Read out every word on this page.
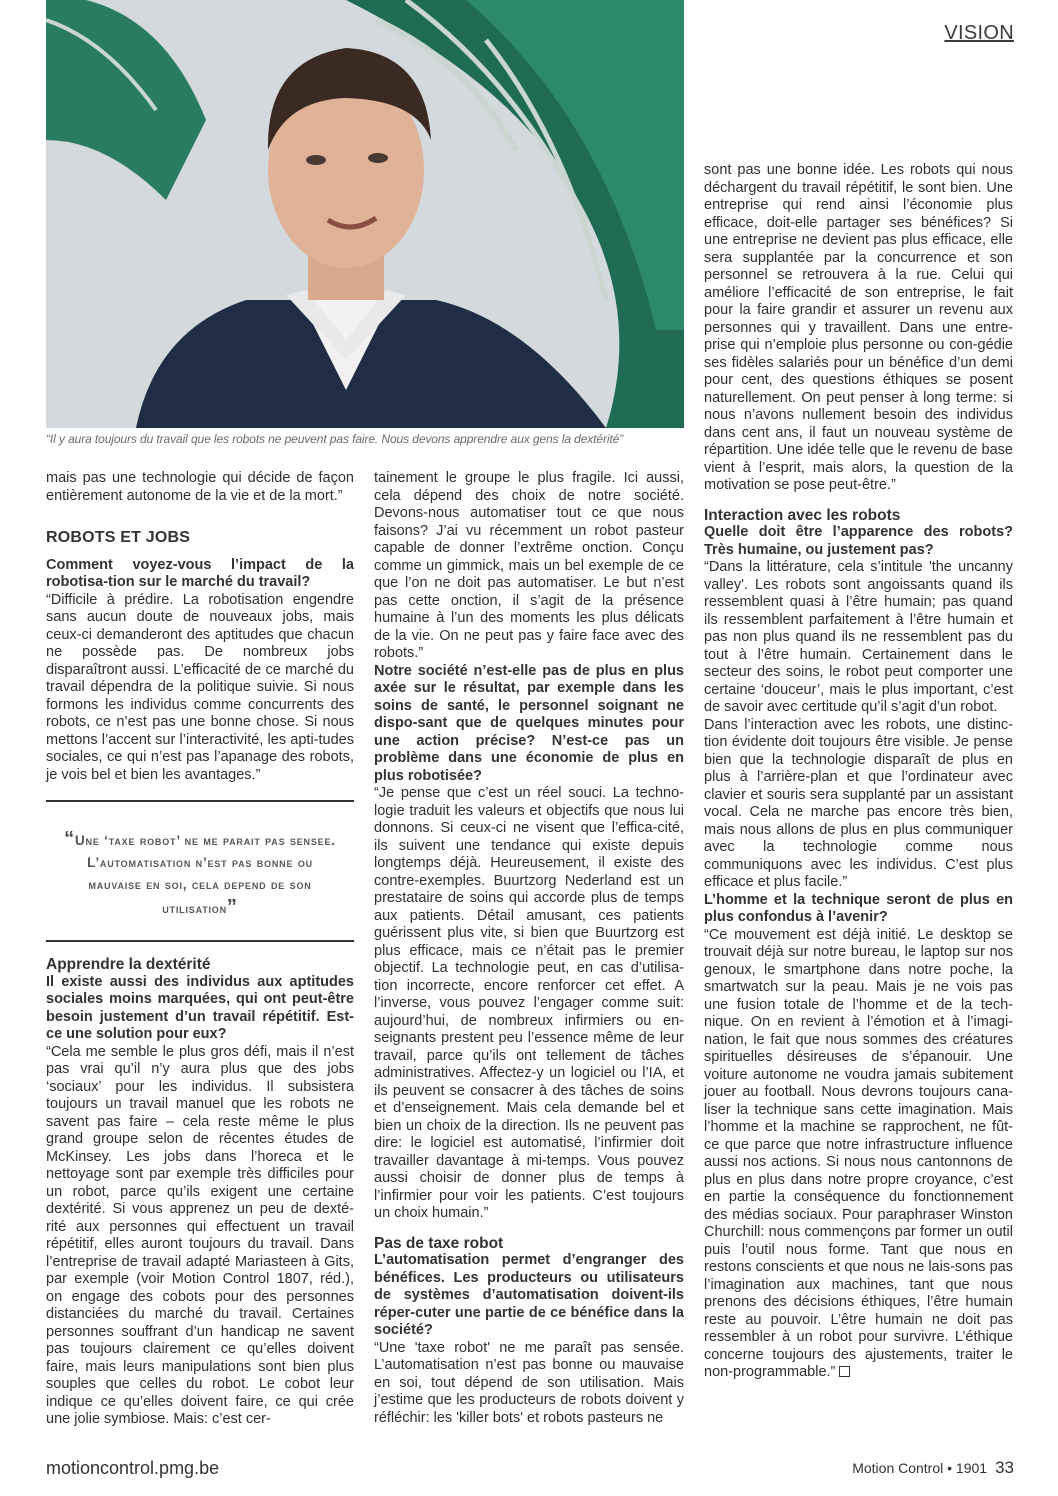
VISION
“Il y aura toujours du travail que les robots ne peuvent pas faire. Nous devons apprendre aux gens la dextérité”

mais pas une technologie qui décide de façon entièrement autonome de la vie et de la mort.”

ROBOTS ET JOBS

Comment voyez-vous l’impact de la robotisa-tion sur le marché du travail?

“Difficile à prédire. La robotisation engendre sans aucun doute de nouveaux jobs, mais ceux-ci demanderont des aptitudes que chacun ne possède pas. De nombreux jobs disparaîtront aussi. L’efficacité de ce marché du travail dépendra de la politique suivie. Si nous formons les individus comme concurrents des robots, ce n’est pas une bonne chose. Si nous mettons l’accent sur l’interactivité, les apti-tudes sociales, ce qui n’est pas l’apanage des robots, je vois bel et bien les avantages.”

“Une ‘taxe robot’ ne me parait pas sensee. L’automatisation n’est pas bonne ou mauvaise en soi, cela depend de son utilisation”

Apprendre la dextérité

Il existe aussi des individus aux aptitudes sociales moins marquées, qui ont peut-être besoin justement d’un travail répétitif. Est-ce une solution pour eux?

“Cela me semble le plus gros défi, mais il n’est pas vrai qu’il n’y aura plus que des jobs ‘sociaux’ pour les individus. Il subsistera toujours un travail manuel que les robots ne savent pas faire – cela reste même le plus grand groupe selon de récentes études de McKinsey. Les jobs dans l’horeca et le nettoyage sont par exemple très difficiles pour un robot, parce qu’ils exigent une certaine dextérité. Si vous apprenez un peu de dexté-rité aux personnes qui effectuent un travail répétitif, elles auront toujours du travail. Dans l’entreprise de travail adapté Mariasteen à Gits, par exemple (voir Motion Control 1807, réd.), on engage des cobots pour des personnes distanciées du marché du travail. Certaines personnes souffrant d’un handicap ne savent pas toujours clairement ce qu’elles doivent faire, mais leurs manipulations sont bien plus souples que celles du robot. Le cobot leur indique ce qu’elles doivent faire, ce qui crée une jolie symbiose. Mais: c’est cer-

tainement le groupe le plus fragile. Ici aussi, cela dépend des choix de notre société. Devons-nous automatiser tout ce que nous faisons? J’ai vu récemment un robot pasteur capable de donner l’extrême onction. Conçu comme un gimmick, mais un bel exemple de ce que l’on ne doit pas automatiser. Le but n’est pas cette onction, il s’agit de la présence humaine à l’un des moments les plus délicats de la vie. On ne peut pas y faire face avec des robots.”

Notre société n’est-elle pas de plus en plus axée sur le résultat, par exemple dans les soins de santé, le personnel soignant ne dispo-sant que de quelques minutes pour une action précise? N’est-ce pas un problème dans une économie de plus en plus robotisée?

“Je pense que c’est un réel souci. La techno-logie traduit les valeurs et objectifs que nous lui donnons. Si ceux-ci ne visent que l’effica-cité, ils suivent une tendance qui existe depuis longtemps déjà. Heureusement, il existe des contre-exemples. Buurtzorg Nederland est un prestataire de soins qui accorde plus de temps aux patients. Détail amusant, ces patients guérissent plus vite, si bien que Buurtzorg est plus efficace, mais ce n’était pas le premier objectif. La technologie peut, en cas d’utilisa-tion incorrecte, encore renforcer cet effet. A l’inverse, vous pouvez l’engager comme suit: aujourd’hui, de nombreux infirmiers ou en-seignants prestent peu l’essence même de leur travail, parce qu’ils ont tellement de tâches administratives. Affectez-y un logiciel ou l’IA, et ils peuvent se consacrer à des tâches de soins et d’enseignement. Mais cela demande bel et bien un choix de la direction. Ils ne peuvent pas dire: le logiciel est automatisé, l’infirmier doit travailler davantage à mi-temps. Vous pouvez aussi choisir de donner plus de temps à l’infirmier pour voir les patients. C’est toujours un choix humain.”

Pas de taxe robot

L’automatisation permet d’engranger des bénéfices. Les producteurs ou utilisateurs de systèmes d’automatisation doivent-ils réper-cuter une partie de ce bénéfice dans la société?

“Une 'taxe robot' ne me paraît pas sensée. L’automatisation n’est pas bonne ou mauvaise en soi, tout dépend de son utilisation. Mais j’estime que les producteurs de robots doivent y réfléchir: les 'killer bots' et robots pasteurs ne

sont pas une bonne idée. Les robots qui nous déchargent du travail répétitif, le sont bien. Une entreprise qui rend ainsi l’économie plus efficace, doit-elle partager ses bénéfices? Si une entreprise ne devient pas plus efficace, elle sera supplantée par la concurrence et son personnel se retrouvera à la rue. Celui qui améliore l’efficacité de son entreprise, le fait pour la faire grandir et assurer un revenu aux personnes qui y travaillent. Dans une entre-prise qui n’emploie plus personne ou con-gédie ses fidèles salariés pour un bénéfice d’un demi pour cent, des questions éthiques se posent naturellement. On peut penser à long terme: si nous n’avons nullement besoin des individus dans cent ans, il faut un nouveau système de répartition. Une idée telle que le revenu de base vient à l’esprit, mais alors, la question de la motivation se pose peut-être.”

Interaction avec les robots

Quelle doit être l’apparence des robots? Très humaine, ou justement pas?

“Dans la littérature, cela s’intitule 'the uncanny valley'. Les robots sont angoissants quand ils ressemblent quasi à l’être humain; pas quand ils ressemblent parfaitement à l’être humain et pas non plus quand ils ne ressemblent pas du tout à l’être humain. Certainement dans le secteur des soins, le robot peut comporter une certaine ‘douceur’, mais le plus important, c’est de savoir avec certitude qu’il s’agit d’un robot.

Dans l’interaction avec les robots, une distinc-tion évidente doit toujours être visible. Je pense bien que la technologie disparaît de plus en plus à l’arrière-plan et que l’ordinateur avec clavier et souris sera supplanté par un assistant vocal. Cela ne marche pas encore très bien, mais nous allons de plus en plus communiquer avec la technologie comme nous communiquons avec les individus. C’est plus efficace et plus facile.”

L’homme et la technique seront de plus en plus confondus à l’avenir?

“Ce mouvement est déjà initié. Le desktop se trouvait déjà sur notre bureau, le laptop sur nos genoux, le smartphone dans notre poche, la smartwatch sur la peau. Mais je ne vois pas une fusion totale de l’homme et de la tech-nique. On en revient à l’émotion et à l’imagi-nation, le fait que nous sommes des créatures spirituelles désireuses de s’épanouir. Une voiture autonome ne voudra jamais subitement jouer au football. Nous devrons toujours cana-liser la technique sans cette imagination. Mais l’homme et la machine se rapprochent, ne fût-ce que parce que notre infrastructure influence aussi nos actions. Si nous nous cantonnons de plus en plus dans notre propre croyance, c’est en partie la conséquence du fonctionnement des médias sociaux. Pour paraphraser Winston Churchill: nous commençons par former un outil puis l’outil nous forme. Tant que nous en restons conscients et que nous ne lais-sons pas l’imagination aux machines, tant que nous prenons des décisions éthiques, l’être humain reste au pouvoir. L’être humain ne doit pas ressembler à un robot pour survivre. L’éthique concerne toujours des ajustements, traiter le non-programmable.”

motioncontrol.pmg.be	Motion Control • 1901 33
